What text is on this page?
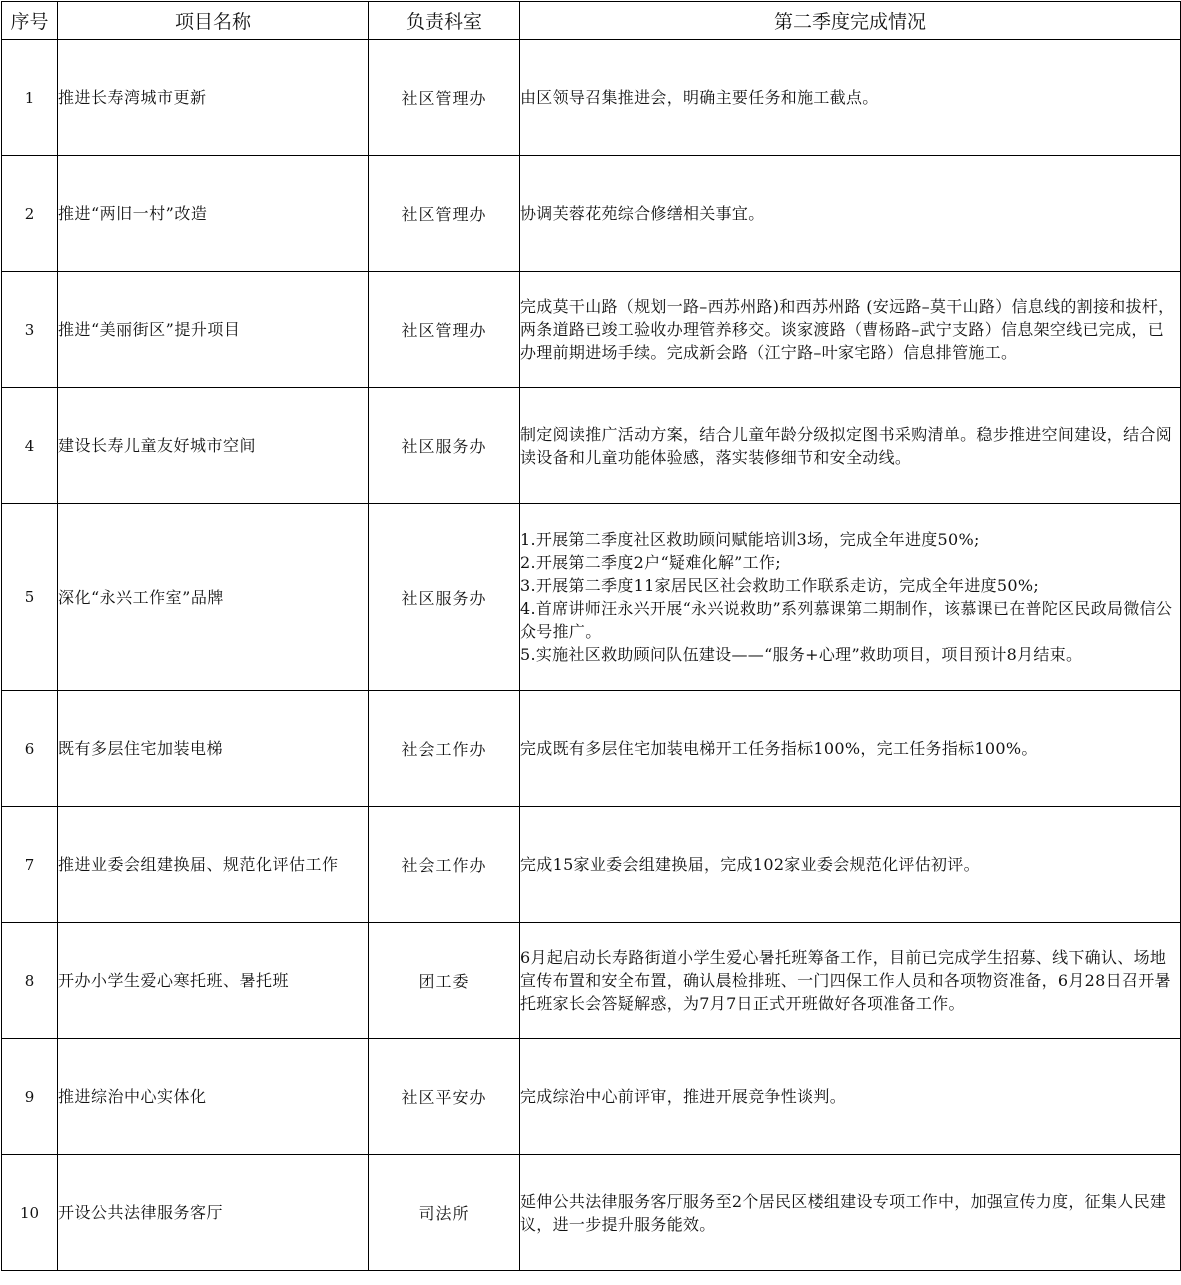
序号	项目名称	负责科室	第二季度完成情况
1	推进长寿湾城市更新	社区管理办	由区领导召集推进会，明确主要任务和施工截点。
2	推进“两旧一村”改造	社区管理办	协调芙蓉花苑综合修缮相关事宜。
3	推进“美丽街区”提升项目	社区管理办	完成莫干山路（规划一路–西苏州路)和西苏州路 (安远路–莫干山路）信息线的割接和拔杆，两条道路已竣工验收办理管养移交。谈家渡路（曹杨路–武宁支路）信息架空线已完成，已办理前期进场手续。完成新会路（江宁路–叶家宅路）信息排管施工。
4	建设长寿儿童友好城市空间	社区服务办	制定阅读推广活动方案，结合儿童年龄分级拟定图书采购清单。稳步推进空间建设，结合阅读设备和儿童功能体验感，落实装修细节和安全动线。
5	深化“永兴工作室”品牌	社区服务办	1.开展第二季度社区救助顾问赋能培训3场，完成全年进度50%;
2.开展第二季度2户“疑难化解”工作;
3.开展第二季度11家居民区社会救助工作联系走访，完成全年进度50%;
4.首席讲师汪永兴开展“永兴说救助”系列慕课第二期制作，该慕课已在普陀区民政局微信公众号推广。
5.实施社区救助顾问队伍建设——“服务+心理”救助项目，项目预计8月结束。

6	既有多层住宅加装电梯	社会工作办	完成既有多层住宅加装电梯开工任务指标100%，完工任务指标100%。
7	推进业委会组建换届、规范化评估工作	社会工作办	完成15家业委会组建换届，完成102家业委会规范化评估初评。
8	开办小学生爱心寒托班、暑托班	团工委	6月起启动长寿路街道小学生爱心暑托班筹备工作，目前已完成学生招募、线下确认、场地宣传布置和安全布置，确认晨检排班、一门四保工作人员和各项物资准备，6月28日召开暑托班家长会答疑解惑，为7月7日正式开班做好各项准备工作。
9	推进综治中心实体化	社区平安办	完成综治中心前评审，推进开展竞争性谈判。
10	开设公共法律服务客厅	司法所	延伸公共法律服务客厅服务至2个居民区楼组建设专项工作中，加强宣传力度，征集人民建议，进一步提升服务能效。
